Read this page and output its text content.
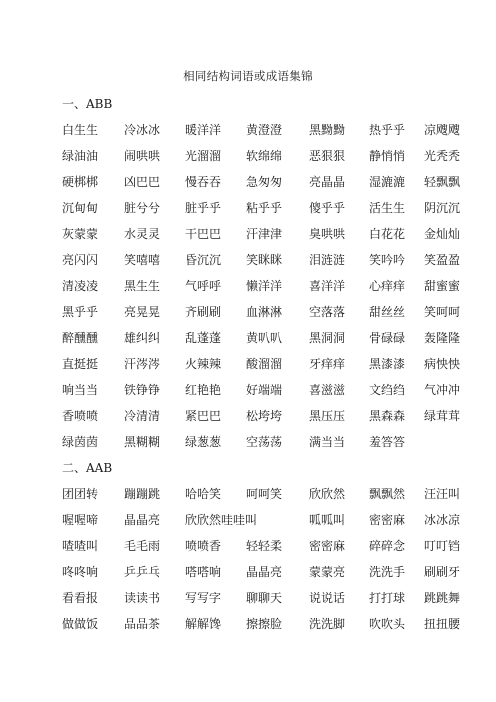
相同结构词语或成语集锦
一、ABB
白生生 冷冰冰 暖洋洋 黄澄澄 黑黝黝 热乎乎 凉飕飕
绿油油 闹哄哄 光溜溜 软绵绵 恶狠狠 静悄悄 光秃秃
硬梆梆 凶巴巴 慢吞吞 急匆匆 亮晶晶 湿漉漉 轻飘飘
沉甸甸 脏兮兮 脏乎乎 粘乎乎 傻乎乎 活生生 阴沉沉
灰蒙蒙 水灵灵 干巴巴 汗津津 臭哄哄 白花花 金灿灿
亮闪闪 笑嘻嘻 昏沉沉 笑眯眯 泪涟涟 笑吟吟 笑盈盈
清凌凌 黑生生 气呼呼 懒洋洋 喜洋洋 心痒痒 甜蜜蜜
黑乎乎 亮晃晃 齐刷刷 血淋淋 空落落 甜丝丝 笑呵呵
醉醺醺 雄纠纠 乱蓬蓬 黄叭叭 黑洞洞 骨碌碌 轰隆隆
直挺挺 汗涔涔 火辣辣 酸溜溜 牙痒痒 黑漆漆 病怏怏
响当当 铁铮铮 红艳艳 好端端 喜滋滋 文绉绉 气冲冲
香喷喷 冷清清 紧巴巴 松垮垮 黑压压 黑森森 绿茸茸
绿茵茵 黑糊糊 绿葱葱 空荡荡 满当当 羞答答
二、AAB
团团转 蹦蹦跳 哈哈笑 呵呵笑 欣欣然 飘飘然 汪汪叫
喔喔啼 晶晶亮 欣欣然哇哇叫	呱呱叫 密密麻 冰冰凉
喳喳叫 毛毛雨 喷喷香 轻轻柔 密密麻 碎碎念 叮叮铛
咚咚响 乒乒乓 嗒嗒响 晶晶亮 蒙蒙亮 洗洗手 刷刷牙
看看报 读读书 写写字 聊聊天 说说话 打打球 跳跳舞
做做饭 品品茶 解解馋 擦擦脸 洗洗脚 吹吹头 扭扭腰
